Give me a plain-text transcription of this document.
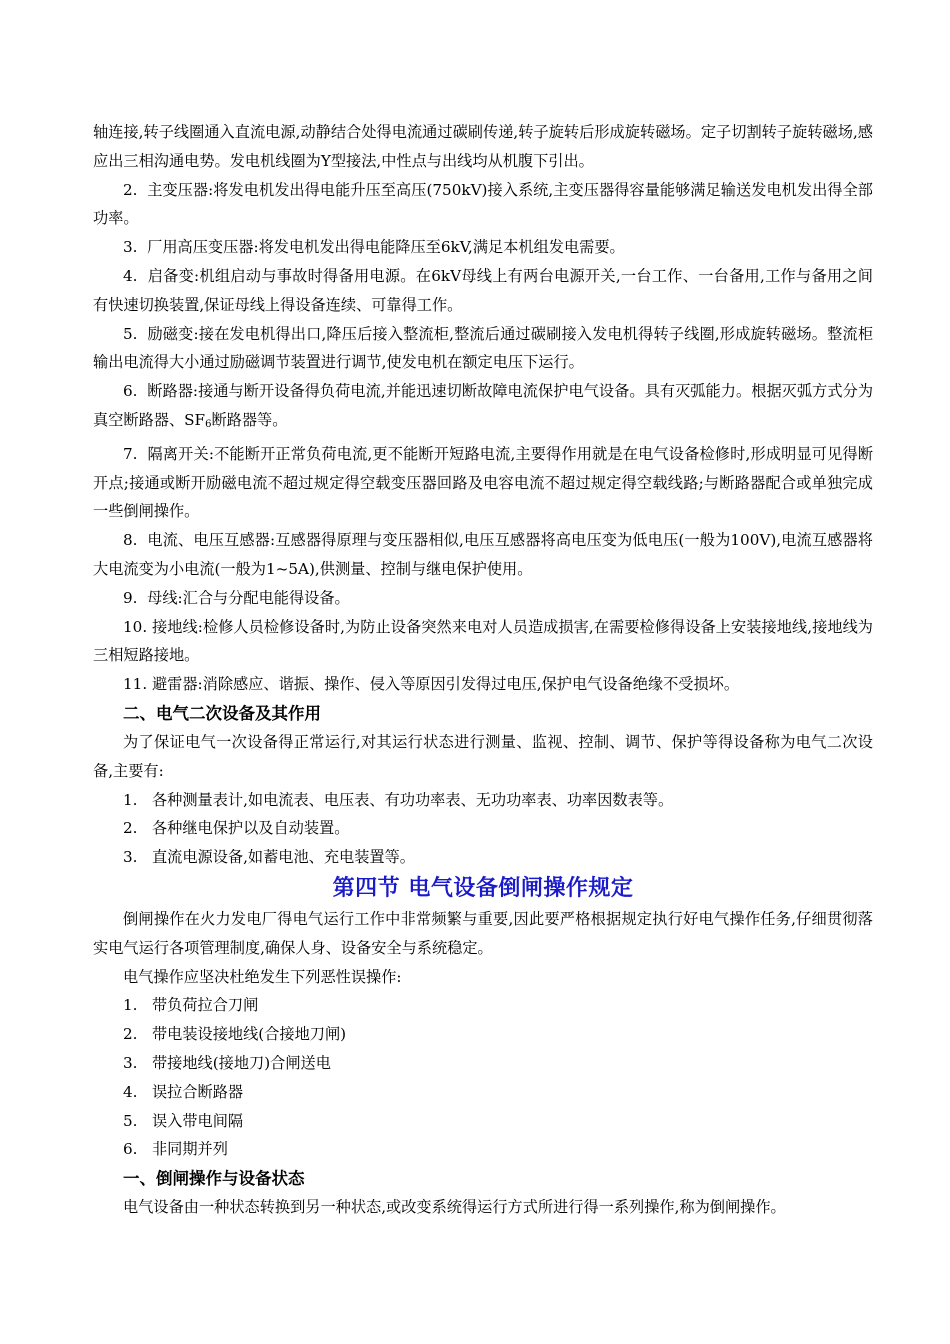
轴连接,转子线圈通入直流电源,动静结合处得电流通过碳刷传递,转子旋转后形成旋转磁场。定子切割转子旋转磁场,感应出三相沟通电势。发电机线圈为Y型接法,中性点与出线均从机腹下引出。

2. 主变压器:将发电机发出得电能升压至高压(750kV)接入系统,主变压器得容量能够满足输送发电机发出得全部功率。

3. 厂用高压变压器:将发电机发出得电能降压至6kV,满足本机组发电需要。

4. 启备变:机组启动与事故时得备用电源。在6kV母线上有两台电源开关,一台工作、一台备用,工作与备用之间有快速切换装置,保证母线上得设备连续、可靠得工作。

5. 励磁变:接在发电机得出口,降压后接入整流柜,整流后通过碳刷接入发电机得转子线圈,形成旋转磁场。整流柜输出电流得大小通过励磁调节装置进行调节,使发电机在额定电压下运行。

6. 断路器:接通与断开设备得负荷电流,并能迅速切断故障电流保护电气设备。具有灭弧能力。根据灭弧方式分为真空断路器、$SF_6$断路器等。

7. 隔离开关:不能断开正常负荷电流,更不能断开短路电流,主要得作用就是在电气设备检修时,形成明显可见得断开点;接通或断开励磁电流不超过规定得空载变压器回路及电容电流不超过规定得空载线路;与断路器配合或单独完成一些倒闸操作。

8. 电流、电压互感器:互感器得原理与变压器相似,电压互感器将高电压变为低电压(一般为100V),电流互感器将大电流变为小电流(一般为1~5A),供测量、控制与继电保护使用。

9. 母线:汇合与分配电能得设备。

10. 接地线:检修人员检修设备时,为防止设备突然来电对人员造成损害,在需要检修得设备上安装接地线,接地线为三相短路接地。

11. 避雷器:消除感应、谐振、操作、侵入等原因引发得过电压,保护电气设备绝缘不受损坏。

二、电气二次设备及其作用

为了保证电气一次设备得正常运行,对其运行状态进行测量、监视、控制、调节、保护等得设备称为电气二次设备,主要有:

1. 各种测量表计,如电流表、电压表、有功功率表、无功功率表、功率因数表等。

2. 各种继电保护以及自动装置。

3. 直流电源设备,如蓄电池、充电装置等。

第四节 电气设备倒闸操作规定

倒闸操作在火力发电厂得电气运行工作中非常频繁与重要,因此要严格根据规定执行好电气操作任务,仔细贯彻落实电气运行各项管理制度,确保人身、设备安全与系统稳定。

电气操作应坚决杜绝发生下列恶性误操作:

1. 带负荷拉合刀闸

2. 带电装设接地线(合接地刀闸)

3. 带接地线(接地刀)合闸送电

4. 误拉合断路器

5. 误入带电间隔

6. 非同期并列

一、倒闸操作与设备状态

电气设备由一种状态转换到另一种状态,或改变系统得运行方式所进行得一系列操作,称为倒闸操作。
